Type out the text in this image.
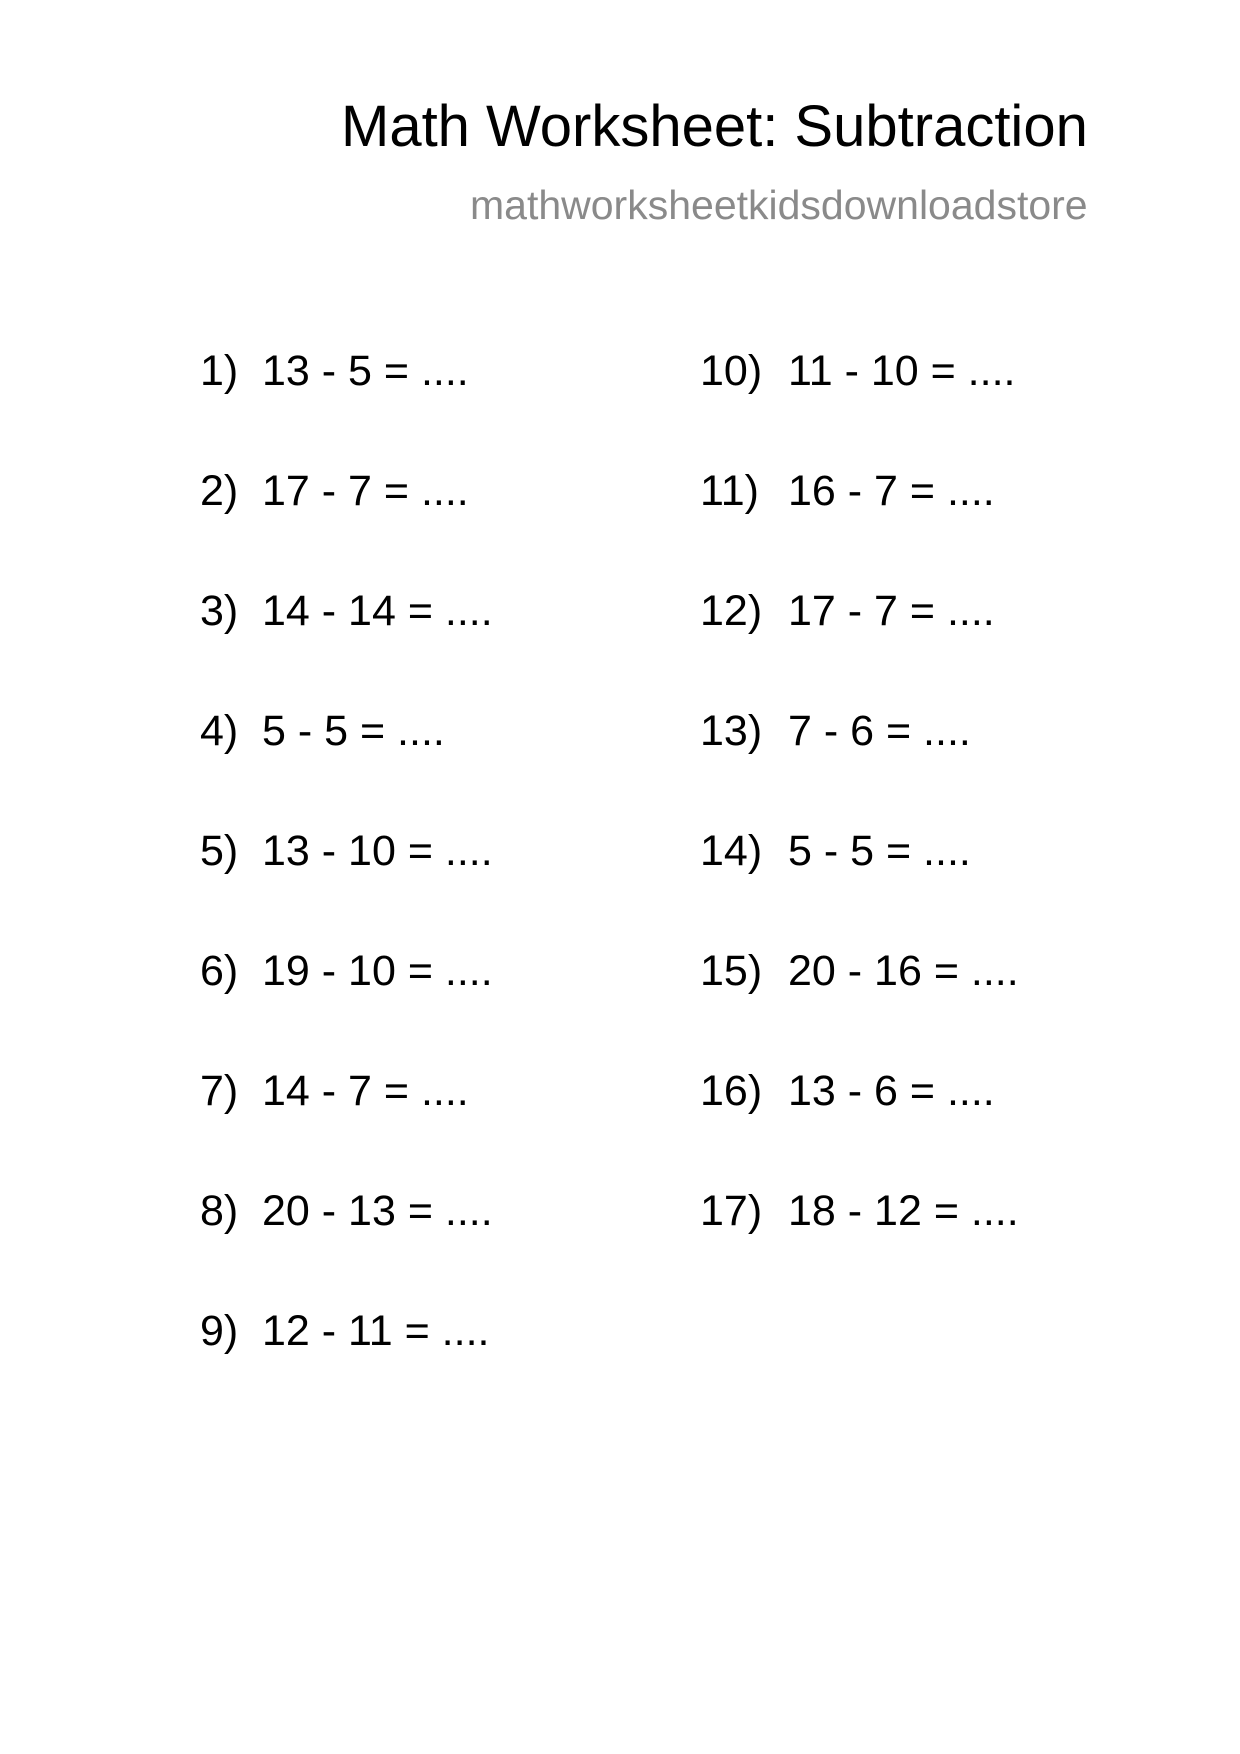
Math Worksheet: Subtraction
mathworksheetkidsdownloadstore
1) 13 - 5 = ....
2) 17 - 7 = ....
3) 14 - 14 = ....
4) 5 - 5 = ....
5) 13 - 10 = ....
6) 19 - 10 = ....
7) 14 - 7 = ....
8) 20 - 13 = ....
9) 12 - 11 = ....
10) 11 - 10 = ....
11) 16 - 7 = ....
12) 17 - 7 = ....
13) 7 - 6 = ....
14) 5 - 5 = ....
15) 20 - 16 = ....
16) 13 - 6 = ....
17) 18 - 12 = ....
